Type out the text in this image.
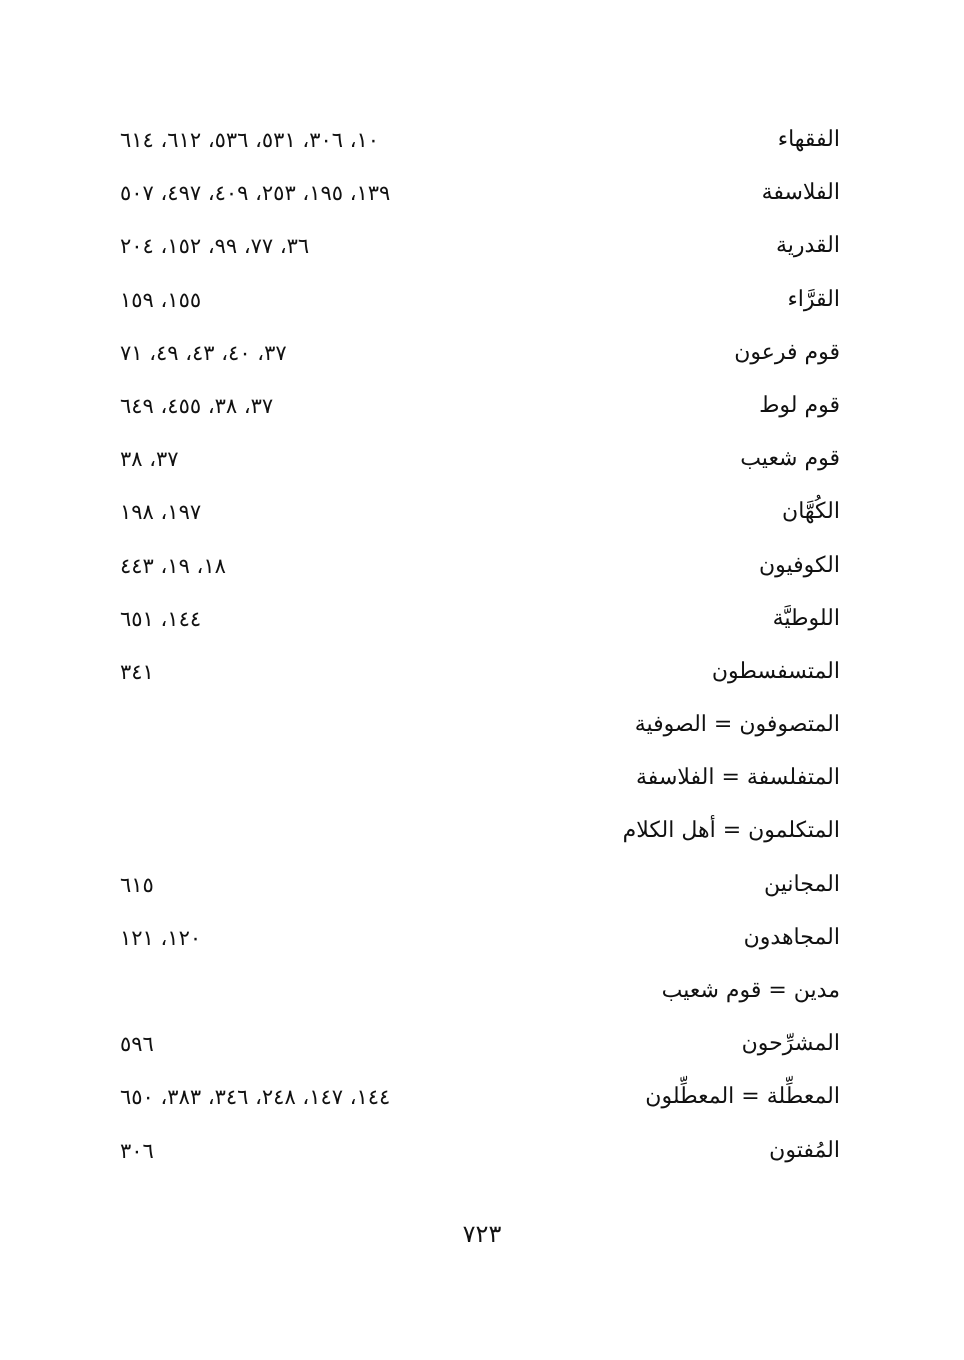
الفقهاء
١٠، ٣٠٦، ٥٣١، ٥٣٦، ٦١٢، ٦١٤
الفلاسفة
١٣٩، ١٩٥، ٢٥٣، ٤٠٩، ٤٩٧، ٥٠٧
القدرية
٣٦، ٧٧، ٩٩، ١٥٢، ٢٠٤
القرَّاء
١٥٥، ١٥٩
قوم فرعون
٣٧، ٤٠، ٤٣، ٤٩، ٧١
قوم لوط
٣٧، ٣٨، ٤٥٥، ٦٤٩
قوم شعيب
٣٧، ٣٨
الكُهَّان
١٩٧، ١٩٨
الكوفيون
١٨، ١٩، ٤٤٣
اللوطيَّة
١٤٤، ٦٥١
المتسفسطون
٣٤١
المتصوفون = الصوفية
المتفلسفة = الفلاسفة
المتكلمون = أهل الكلام
المجانين
٦١٥
المجاهدون
١٢٠، ١٢١
مدين = قوم شعيب
المشرِّحون
٥٩٦
المعطِّلة = المعطِّلون
١٤٤، ١٤٧، ٢٤٨، ٣٤٦، ٣٨٣، ٦٥٠
المُفتون
٣٠٦
٧٢٣
